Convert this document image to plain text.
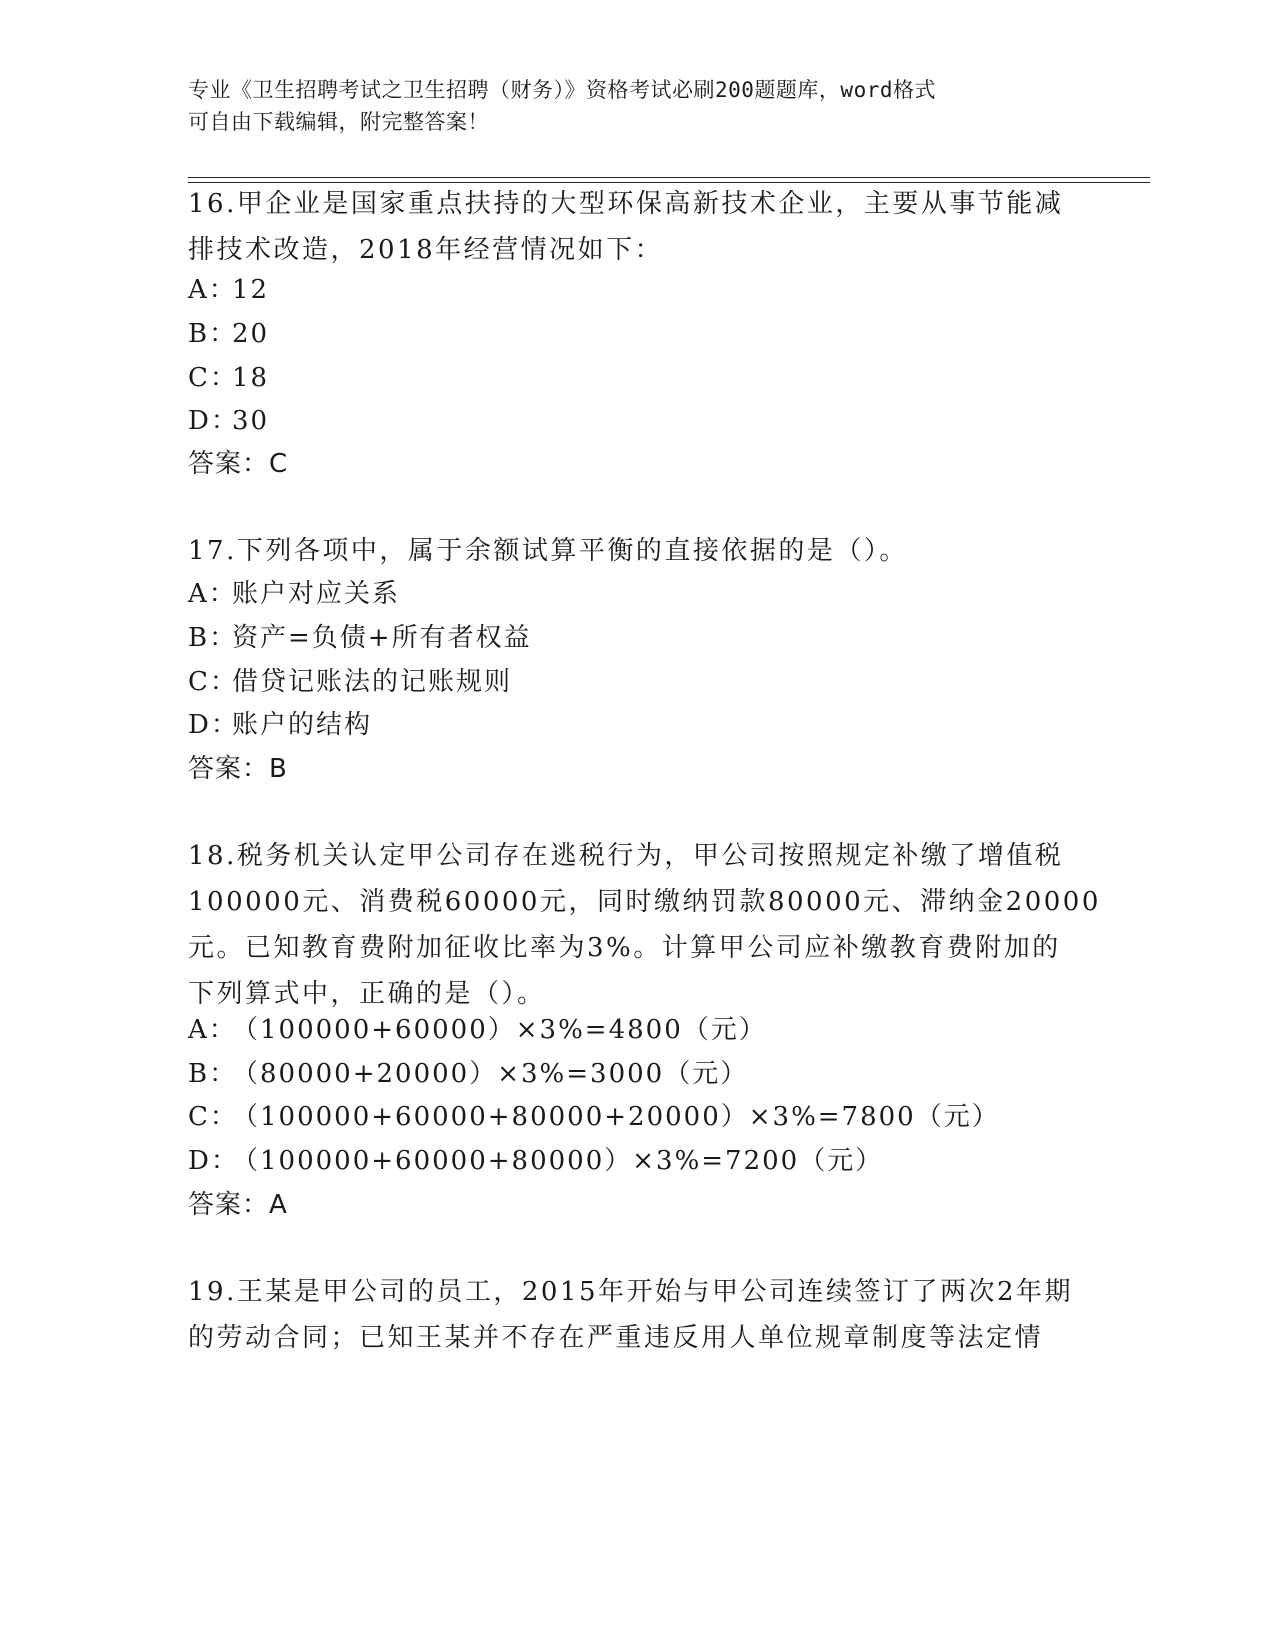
专业《卫生招聘考试之卫生招聘（财务）》资格考试必刷200题题库，word格式
可自由下载编辑，附完整答案！
16.甲企业是国家重点扶持的大型环保高新技术企业，主要从事节能减
排技术改造，2018年经营情况如下：
A：12
B：20
C：18
D：30
答案：C
17.下列各项中，属于余额试算平衡的直接依据的是（）。
A：账户对应关系
B：资产=负债+所有者权益
C：借贷记账法的记账规则
D：账户的结构
答案：B
18.税务机关认定甲公司存在逃税行为，甲公司按照规定补缴了增值税
100000元、消费税60000元，同时缴纳罚款80000元、滞纳金20000
元。已知教育费附加征收比率为3%。计算甲公司应补缴教育费附加的
下列算式中，正确的是（）。
A：（100000+60000）×3%=4800（元）
B：（80000+20000）×3%=3000（元）
C：（100000+60000+80000+20000）×3%=7800（元）
D：（100000+60000+80000）×3%=7200（元）
答案：A
19.王某是甲公司的员工，2015年开始与甲公司连续签订了两次2年期
的劳动合同；已知王某并不存在严重违反用人单位规章制度等法定情
